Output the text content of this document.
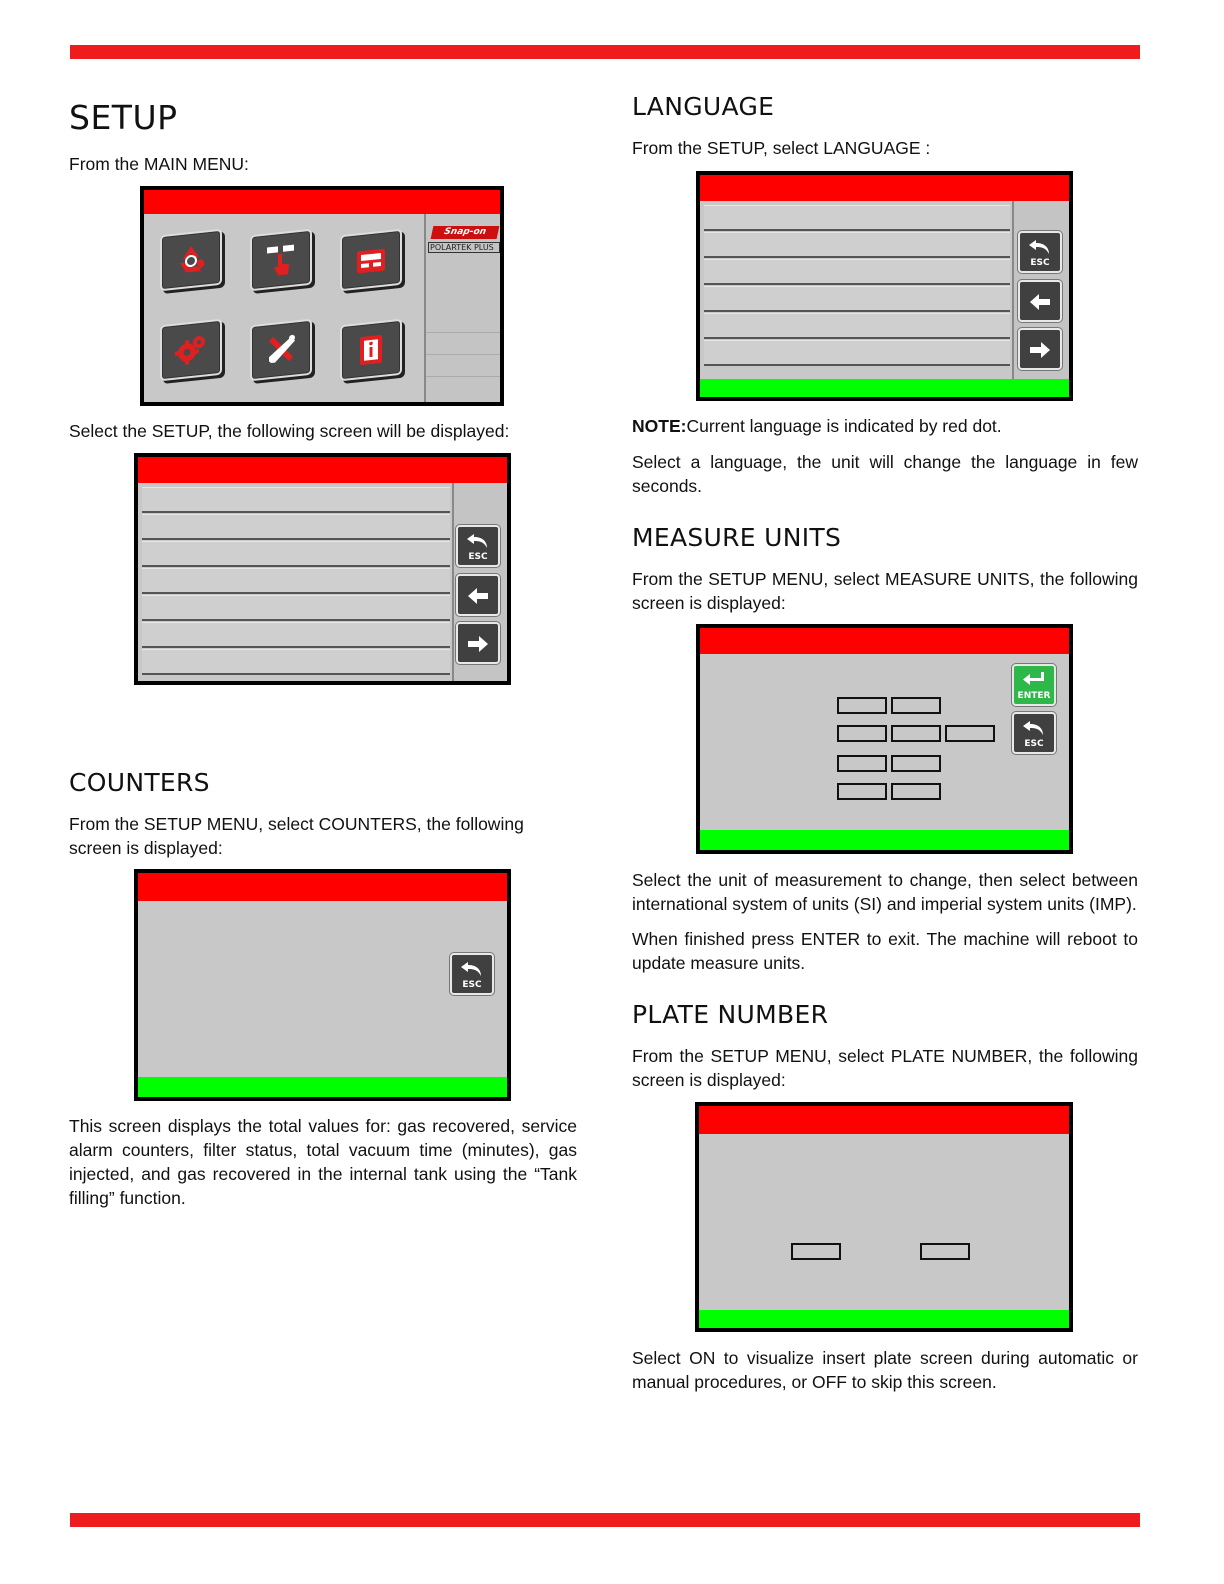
SETUP

From the MAIN MENU:

Snap-on
POLARTEK PLUS

Select the SETUP, the following screen will be displayed:

ESC
COUNTERS

From the SETUP MENU, select COUNTERS, the following screen is displayed:

ESC

This screen displays the total values for: gas recovered, service alarm counters, filter status, total vacuum time (minutes), gas injected, and gas recovered in the internal tank using the “Tank filling” function.

LANGUAGE

From the SETUP, select LANGUAGE :

ESC

NOTE:Current language is indicated by red dot.

Select a language, the unit will change the language in few seconds.

MEASURE UNITS

From the SETUP MENU, select MEASURE UNITS, the following screen is displayed:

ENTER
ESC

Select the unit of measurement to change, then select between international system of units (SI) and imperial system units (IMP).

When finished press ENTER to exit. The machine will reboot to update measure units.

PLATE NUMBER

From the SETUP MENU, select PLATE NUMBER, the following screen is displayed:

Select ON to visualize insert plate screen during automatic or manual procedures, or OFF to skip this screen.
